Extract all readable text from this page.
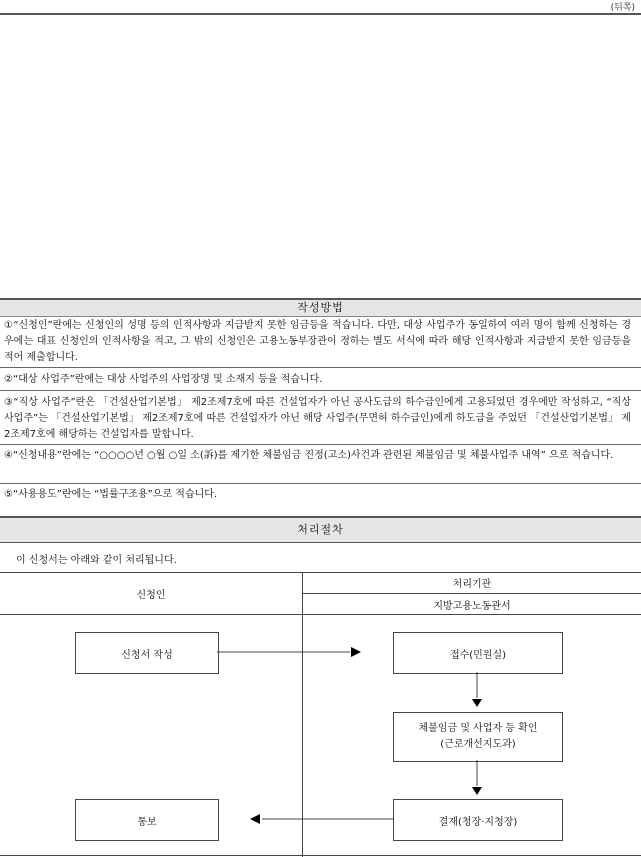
(뒤쪽)
작성방법
①“신청인”란에는 신청인의 성명 등의 인적사항과 지급받지 못한 임금등을 적습니다. 다만, 대상 사업주가 동일하여 여러 명이 함께 신청하는 경우에는 대표 신청인의 인적사항을 적고, 그 밖의 신청인은 고용노동부장관이 정하는 별도 서식에 따라 해당 인적사항과 지급받지 못한 임금등을 적어 제출합니다.
②“대상 사업주”란에는 대상 사업주의 사업장명 및 소재지 등을 적습니다.
③“직상 사업주”란은 「건설산업기본법」 제2조제7호에 따른 건설업자가 아닌 공사도급의 하수급인에게 고용되었던 경우에만 작성하고, “직상 사업주”는 「건설산업기본법」 제2조제7호에 따른 건설업자가 아닌 해당 사업주(무면허 하수급인)에게 하도급을 주었던 「건설산업기본법」 제2조제7호에 해당하는 건설업자를 말합니다.
④“신청내용”란에는 “○○○○년 ○월 ○일 소(訴)를 제기한 체불임금 진정(고소)사건과 관련된 체불임금 및 체불사업주 내역” 으로 적습니다.
⑤“사용용도”란에는 “법률구조용”으로 적습니다.
처리절차
이 신청서는 아래와 같이 처리됩니다.
신청인
처리기관
지방고용노동관서
신청서 작성	접수(민원실)
체불임금 및 사업자 등 확인
(근로개선지도과)
결재(청장·지청장)
통보
